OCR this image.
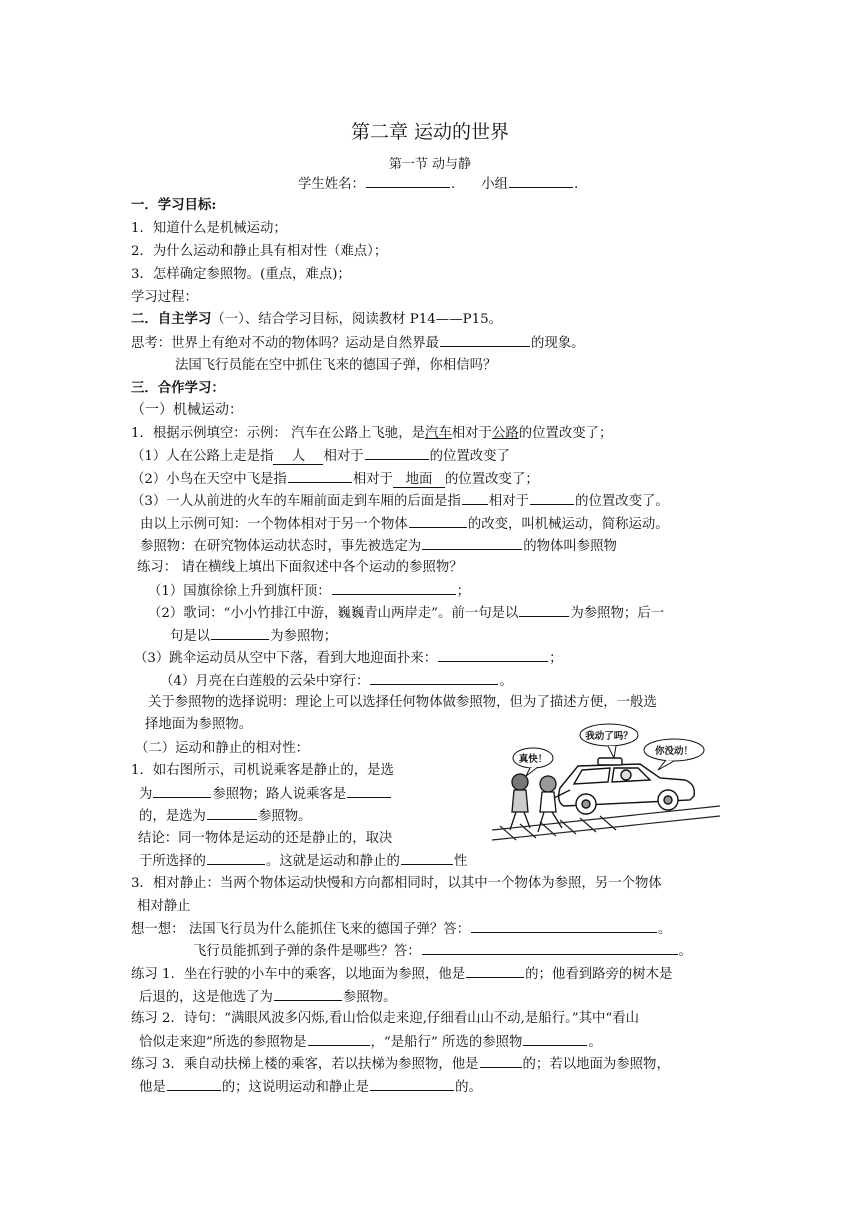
第二章 运动的世界
第一节 动与静
学生姓名：	. 小组	.
一．学习目标:
1．知道什么是机械运动；
2．为什么运动和静止具有相对性（难点）；
3．怎样确定参照物。(重点，难点)；
学习过程：
二．自主学习（一）、结合学习目标，阅读教材 P14——P15。
思考：世界上有绝对不动的物体吗？运动是自然界最	的现象。
法国飞行员能在空中抓住飞来的德国子弹，你相信吗？
三．合作学习：
（一）机械运动：
1．根据示例填空：示例： 汽车在公路上飞驰，是汽车相对于公路的位置改变了；
（1）人在公路上走是指 人 相对于	的位置改变了
（2）小鸟在天空中飞是指	相对于 地面 的位置改变了；
（3）一人从前进的火车的车厢前面走到车厢的后面是指 相对于	的位置改变了。
由以上示例可知：一个物体相对于另一个物体	的改变，叫机械运动，简称运动。
参照物：在研究物体运动状态时，事先被选定为	的物体叫参照物
练习： 请在横线上填出下面叙述中各个运动的参照物？
（1）国旗徐徐上升到旗杆顶：	；
（2）歌词：“小小竹排江中游，巍巍青山两岸走”。前一句是以	为参照物；后一
句是以	为参照物；
（3）跳伞运动员从空中下落，看到大地迎面扑来：	；
（4）月亮在白莲般的云朵中穿行：	。
关于参照物的选择说明：理论上可以选择任何物体做参照物，但为了描述方便，一般选
择地面为参照物。
（二）运动和静止的相对性：
1．如右图所示，司机说乘客是静止的，是选
为	参照物；路人说乘客是
的，是选为	参照物。
结论：同一物体是运动的还是静止的，取决
于所选择的	。这就是运动和静止的	性
3．相对静止：当两个物体运动快慢和方向都相同时，以其中一个物体为参照，另一个物体
相对静止
想一想： 法国飞行员为什么能抓住飞来的德国子弹？答：	。
飞行员能抓到子弹的条件是哪些？答：	。
练习 1．坐在行驶的小车中的乘客，以地面为参照，他是	的；他看到路旁的树木是
后退的，这是他选了为	参照物。
练习 2．诗句：“满眼风波多闪烁,看山恰似走来迎,仔细看山山不动,是船行。”其中“看山
恰似走来迎”所选的参照物是	，“是船行” 所选的参照物	。
练习 3．乘自动扶梯上楼的乘客，若以扶梯为参照物，他是	的；若以地面为参照物，
他是	的；这说明运动和静止是	的。
我动了吗？
你没动！
真快！
